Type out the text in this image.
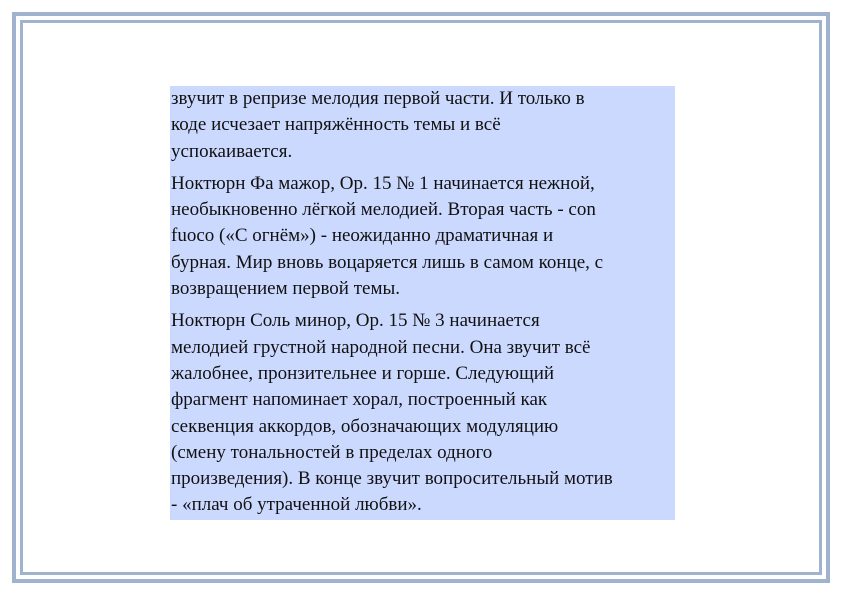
звучит в репризе мелодия первой части. И только в
коде исчезает напряжённость темы и всё
успокаивается.

Ноктюрн Фа мажор, Ор. 15 № 1 начинается нежной,
необыкновенно лёгкой мелодией. Вторая часть - con
fuoco («С огнём») - неожиданно драматичная и
бурная. Мир вновь воцаряется лишь в самом конце, с
возвращением первой темы.

Ноктюрн Соль минор, Ор. 15 № 3 начинается
мелодией грустной народной песни. Она звучит всё
жалобнее, пронзительнее и горше. Следующий
фрагмент напоминает хорал, построенный как
секвенция аккордов, обозначающих модуляцию
(смену тональностей в пределах одного
произведения). В конце звучит вопросительный мотив
- «плач об утраченной любви».
